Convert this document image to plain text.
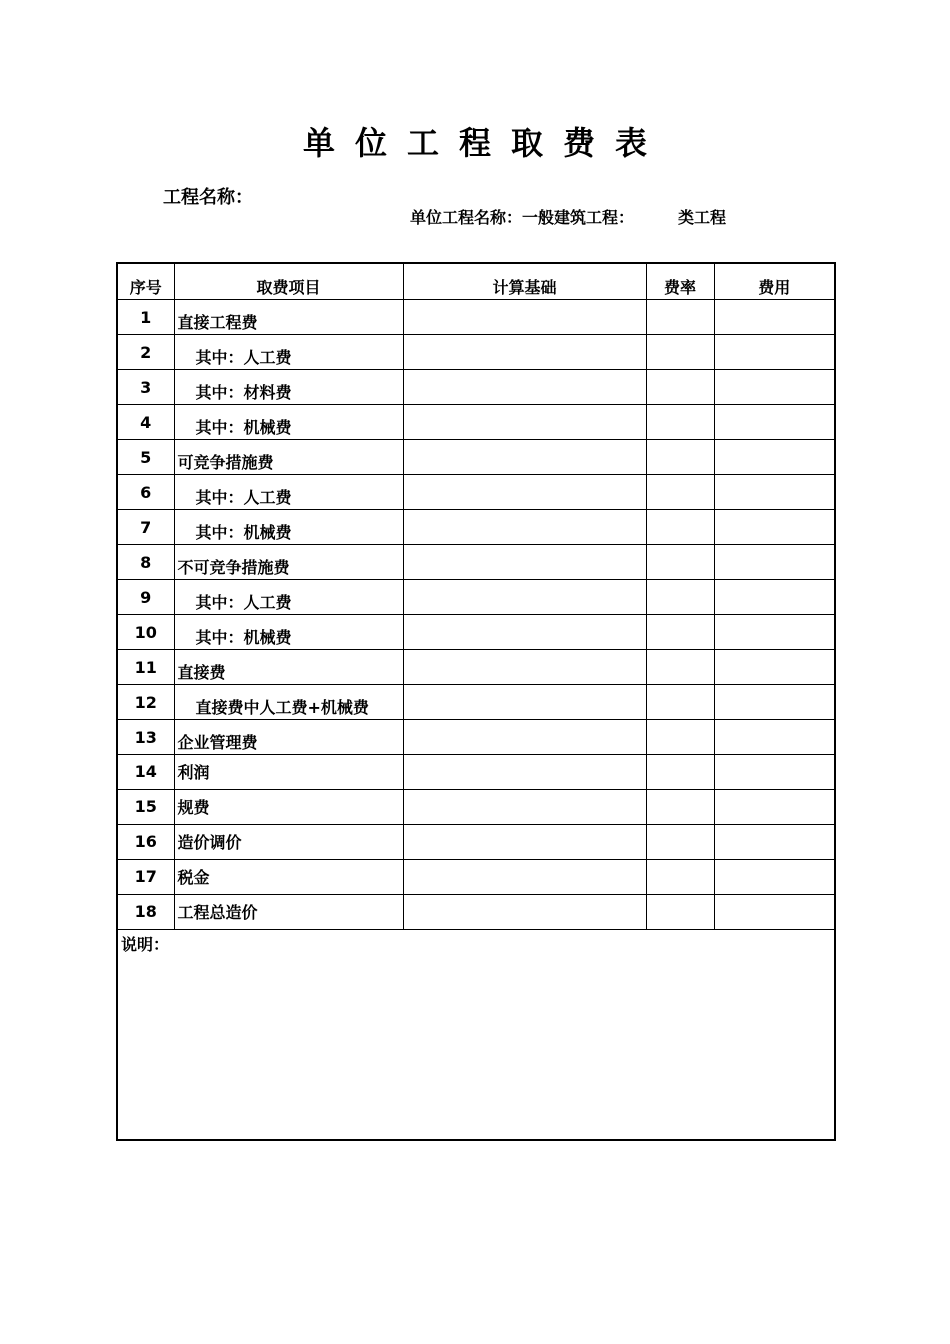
单位工程取费表
工程名称：
单位工程名称：一般建筑工程：	类工程
序号	取费项目	计算基础	费率	费用
1	直接工程费			
2	其中：人工费			
3	其中：材料费			
4	其中：机械费			
5	可竞争措施费			
6	其中：人工费			
7	其中：机械费			
8	不可竞争措施费			
9	其中：人工费			
10	其中：机械费			
11	直接费			
12	直接费中人工费+机械费			
13	企业管理费			
14	利润			
15	规费			
16	造价调价			
17	税金			
18	工程总造价			
说明：				
